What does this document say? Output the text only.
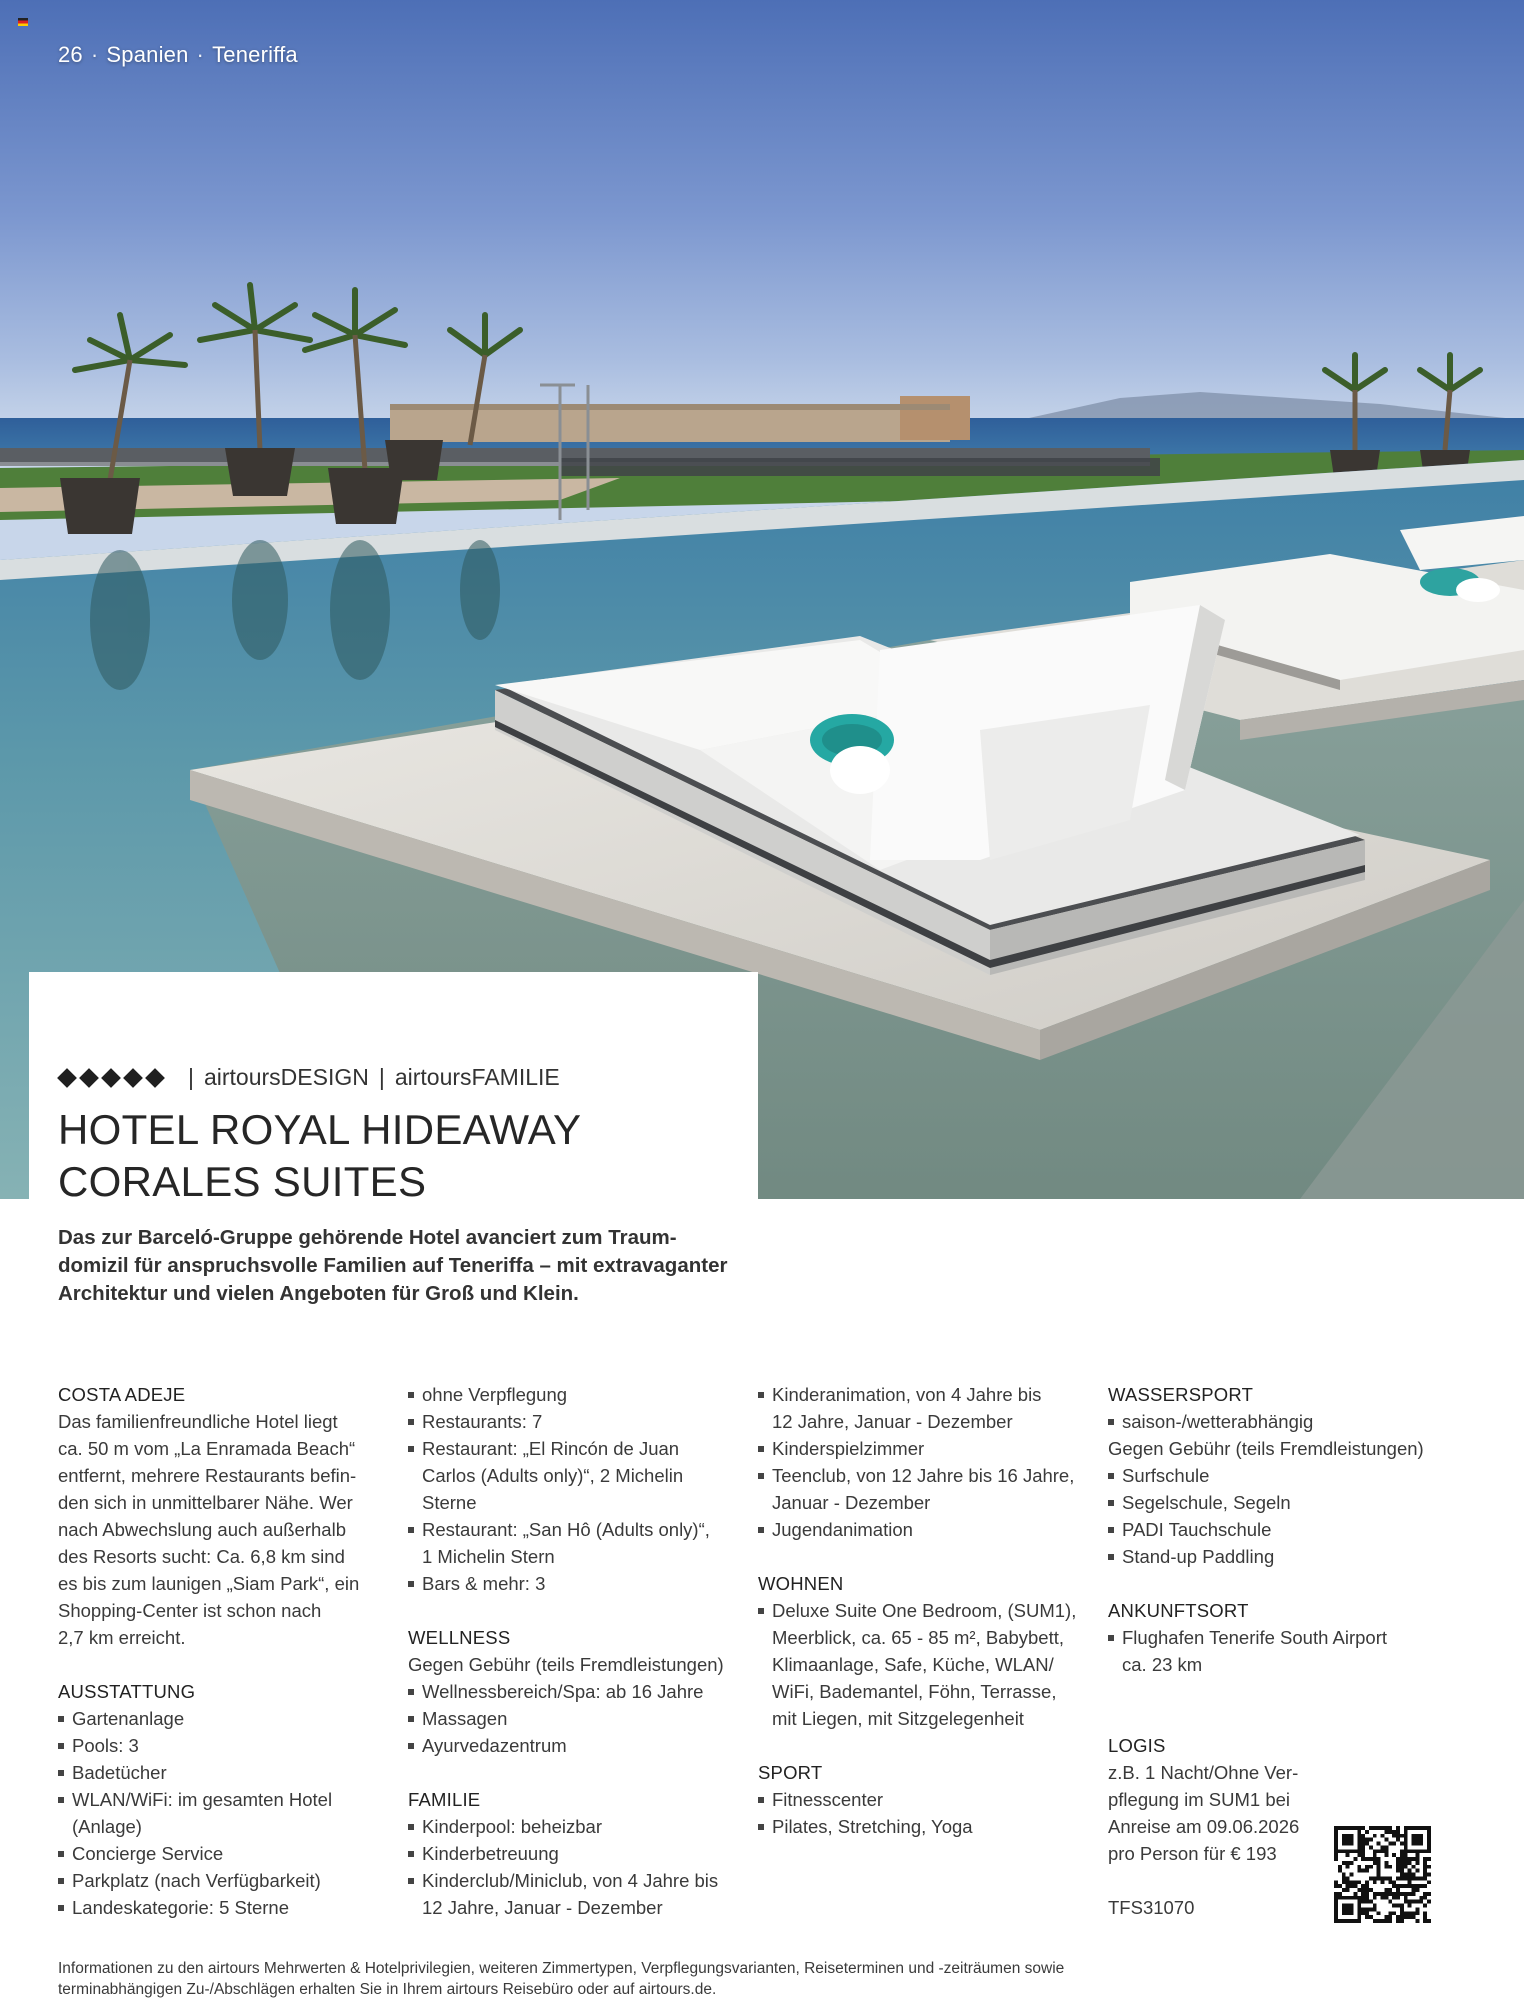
26 · Spanien · Teneriffa
| airtoursDESIGN | airtoursFAMILIE
HOTEL ROYAL HIDEAWAY
CORALES SUITES

Das zur Barceló-Gruppe gehörende Hotel avanciert zum Traum-
domizil für anspruchsvolle Familien auf Teneriffa – mit extravaganter
Architektur und vielen Angeboten für Groß und Klein.

COSTA ADEJE

Das familienfreundliche Hotel liegt
ca. 50 m vom „La Enramada Beach“
entfernt, mehrere Restaurants befin-
den sich in unmittelbarer Nähe. Wer
nach Abwechslung auch außerhalb
des Resorts sucht: Ca. 6,8 km sind
es bis zum launigen „Siam Park“, ein
Shopping-Center ist schon nach
2,7 km erreicht.

AUSSTATTUNG
Gartenanlage
Pools: 3
Badetücher
WLAN/WiFi: im gesamten Hotel
(Anlage)
Concierge Service
Parkplatz (nach Verfügbarkeit)
Landeskategorie: 5 Sterne
ohne Verpflegung
Restaurants: 7
Restaurant: „El Rincón de Juan
Carlos (Adults only)“, 2 Michelin
Sterne
Restaurant: „San Hô (Adults only)“,
1 Michelin Stern
Bars & mehr: 3
WELLNESS

Gegen Gebühr (teils Fremdleistungen)

Wellnessbereich/Spa: ab 16 Jahre
Massagen
Ayurvedazentrum
FAMILIE
Kinderpool: beheizbar
Kinderbetreuung
Kinderclub/Miniclub, von 4 Jahre bis
12 Jahre, Januar - Dezember
Kinderanimation, von 4 Jahre bis
12 Jahre, Januar - Dezember
Kinderspielzimmer
Teenclub, von 12 Jahre bis 16 Jahre,
Januar - Dezember
Jugendanimation
WOHNEN
Deluxe Suite One Bedroom, (SUM1),
Meerblick, ca. 65 - 85 m², Babybett,
Klimaanlage, Safe, Küche, WLAN/
WiFi, Bademantel, Föhn, Terrasse,
mit Liegen, mit Sitzgelegenheit
SPORT
Fitnesscenter
Pilates, Stretching, Yoga
WASSERSPORT
saison-/wetterabhängig

Gegen Gebühr (teils Fremdleistungen)

Surfschule
Segelschule, Segeln
PADI Tauchschule
Stand-up Paddling
ANKUNFTSORT
Flughafen Tenerife South Airport
ca. 23 km
LOGIS

z.B. 1 Nacht/Ohne Ver-
pflegung im SUM1 bei
Anreise am 09.06.2026
pro Person für € 193

TFS31070

Informationen zu den airtours Mehrwerten & Hotelprivilegien, weiteren Zimmertypen, Verpflegungsvarianten, Reiseterminen und -zeiträumen sowie
terminabhängigen Zu-/Abschlägen erhalten Sie in Ihrem airtours Reisebüro oder auf airtours.de.
